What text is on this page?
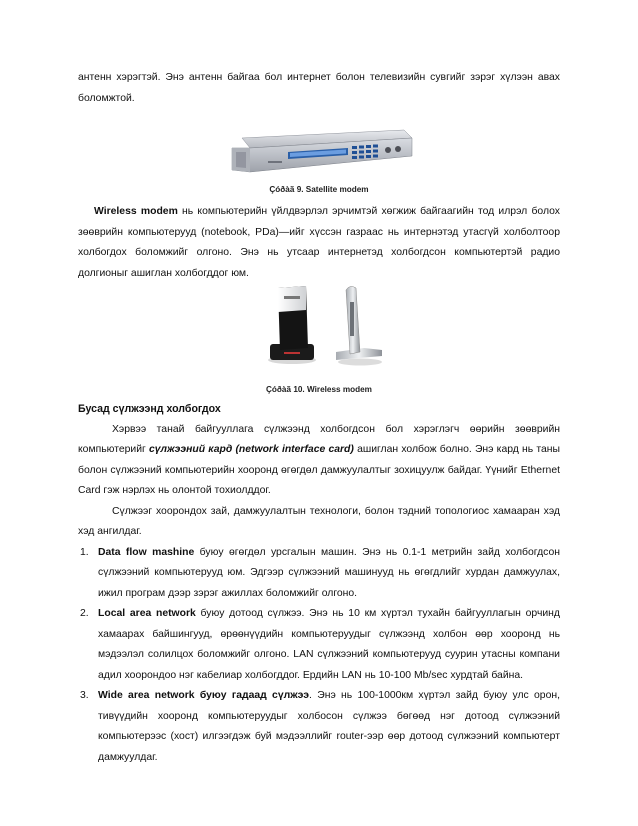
антенн хэрэгтэй. Энэ антенн байгаа бол интернет болон телевизийн сувгийг зэрэг хүлээн авах боломжтой.

Çóðàã 9. Satellite modem

Wireless modem нь компьютерийн үйлдвэрлэл эрчимтэй хөгжиж байгаагийн тод илрэл болох зөөврийн компьютерууд (notebook, PDa)—ийг хүссэн газраас нь интернэтэд утасгүй холболтоор холбогдох боломжийг олгоно. Энэ нь утсаар интернетэд холбогдсон компьютертэй радио долгионыг ашиглан холбогддог юм.

Çóðàã 10. Wireless modem

Бусад сүлжээнд холбогдох

Хэрвээ танай байгууллага сүлжээнд холбогдсон бол хэрэглэгч өөрийн зөөврийн компьютерийг сүлжээний кард (network interface card) ашиглан холбож болно. Энэ кард нь таны болон сүлжээний компьютерийн хооронд өгөгдөл дамжуулалтыг зохицуулж байдаг. Үүнийг Ethernet Card гэж нэрлэх нь олонтой тохиолддог.

Сүлжээг хоорондох зай, дамжуулалтын технологи, болон тэдний топологиос хамааран хэд хэд ангилдаг.

1. Data flow mashine буюу өгөгдөл урсгалын машин. Энэ нь 0.1-1 метрийн зайд холбогдсон сүлжээний компьютерууд юм. Эдгээр сүлжээний машинууд нь өгөгдлийг хурдан дамжуулах, ижил програм дээр зэрэг ажиллах боломжийг олгоно.

2. Local area network буюу дотоод сүлжээ. Энэ нь 10 км хүртэл тухайн байгууллагын орчинд хамаарах байшингууд, өрөөнүүдийн компьютеруудыг сүлжээнд холбон өөр хооронд нь мэдээлэл солилцох боломжийг олгоно. LAN сүлжээний компьютерууд суурин утасны компани адил хоорондоо нэг кабелиар холбогддог. Ердийн LAN нь 10-100 Mb/sec хурдтай байна.

3. Wide area network буюу гадаад сүлжээ. Энэ нь 100-1000км хүртэл зайд буюу улс орон, тивүүдийн хооронд компьютеруудыг холбосон сүлжээ бөгөөд нэг дотоод сүлжээний компьютерээс (хост) илгээгдэж буй мэдээллийг router-ээр өөр дотоод сүлжээний компьютерт дамжуулдаг.
